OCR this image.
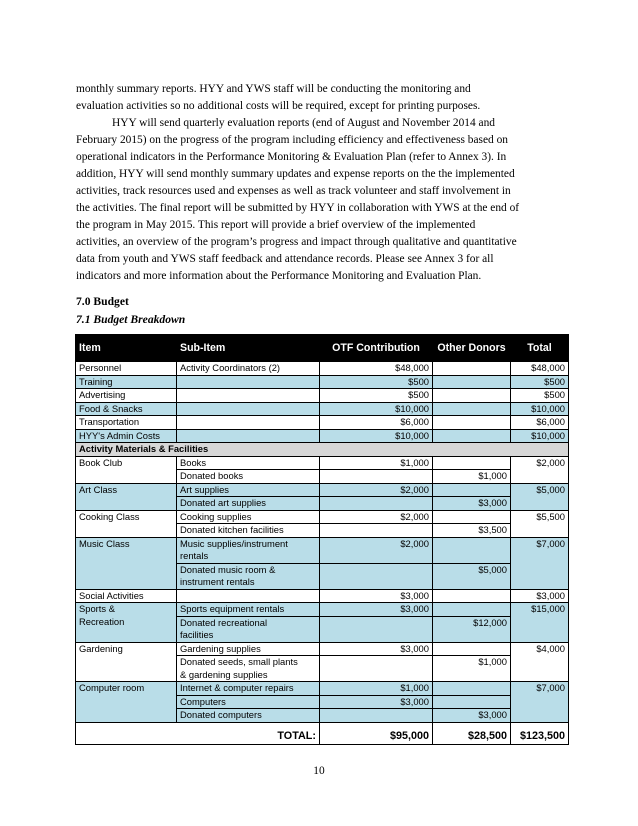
monthly summary reports. HYY and YWS staff will be conducting the monitoring and
evaluation activities so no additional costs will be required, except for printing purposes.
HYY will send quarterly evaluation reports (end of August and November 2014 and
February 2015) on the progress of the program including efficiency and effectiveness based on
operational indicators in the Performance Monitoring & Evaluation Plan (refer to Annex 3). In
addition, HYY will send monthly summary updates and expense reports on the the implemented
activities, track resources used and expenses as well as track volunteer and staff involvement in
the activities. The final report will be submitted by HYY in collaboration with YWS at the end of
the program in May 2015. This report will provide a brief overview of the implemented
activities, an overview of the program’s progress and impact through qualitative and quantitative
data from youth and YWS staff feedback and attendance records. Please see Annex 3 for all
indicators and more information about the Performance Monitoring and Evaluation Plan.
7.0 Budget
7.1 Budget Breakdown
Item	Sub-Item	OTF Contribution	Other Donors	Total
Personnel	Activity Coordinators (2)	$48,000		$48,000
Training		$500		$500
Advertising		$500		$500
Food & Snacks		$10,000		$10,000
Transportation		$6,000		$6,000
HYY's Admin Costs		$10,000		$10,000
Activity Materials & Facilities				
Book Club	Books	$1,000		$2,000
	Donated books		$1,000	
Art Class	Art supplies	$2,000		$5,000
	Donated art supplies		$3,000	
Cooking Class	Cooking supplies	$2,000		$5,500
	Donated kitchen facilities		$3,500	
Music Class	Music supplies/instrument
rentals	$2,000		$7,000

	Donated music room &
instrument rentals		$5,000	
Social Activities		$3,000		$3,000

Sports &
Recreation	Sports equipment rentals	$3,000		$15,000

	Donated recreational
facilities		$12,000	
Gardening	Gardening supplies	$3,000		$4,000

	Donated seeds, small plants
& gardening supplies		$1,000	
Computer room	Internet & computer repairs	$1,000		$7,000
	Computers	$3,000		
	Donated computers		$3,000	
TOTAL:		$95,000	$28,500	$123,500
10
